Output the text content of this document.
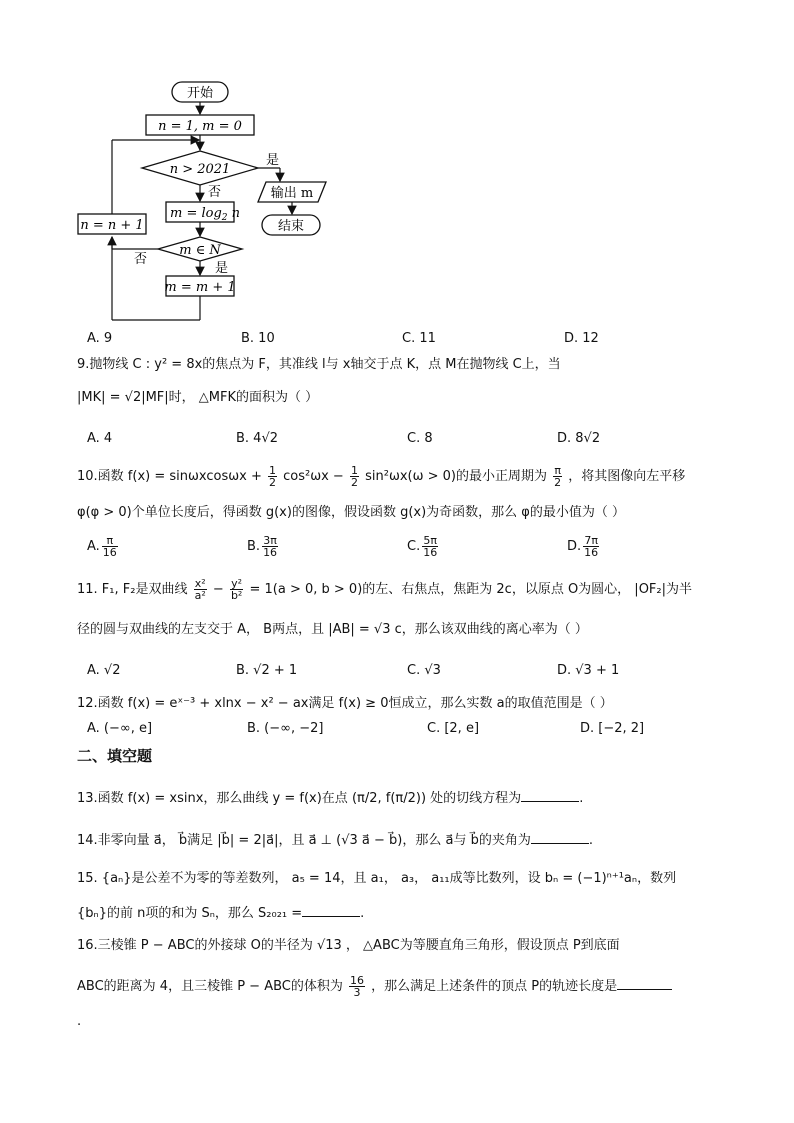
开始
n = 1, m = 0
n > 2021
是
输出 m
结束
否
$m = \log_2 n$
m ∈ N
否
是
m = m + 1
n = n + 1
A. 9	B. 10	C. 11	D. 12
9.抛物线 C : y² = 8x的焦点为 F，其准线 l与 x轴交于点 K，点 M在抛物线 C上，当
|MK| = √2|MF|时， △MFK的面积为（ ）
A. 4	B. 4√2	C. 8	D. 8√2
10.函数 $f(x) = \sin\omega xcos\omega x + \frac{1}{2} \cos^2\omega x - \frac{1}{2} \sin^2\omega x(\omega > 0)$的最小正周期为 $\frac{\pi}{2}$ ，将其图像向左平移
φ(φ > 0)个单位长度后，得函数 g(x)的图像，假设函数 g(x)为奇函数，那么 φ的最小值为（ ）
A. $\frac{\pi}{16}$	B. $\frac{3\pi}{16}$	C. $\frac{5\pi}{16}$	D. $\frac{7\pi}{16}$
11. F₁, F₂是双曲线 $\frac{\text{x²}}{\text{a²}} - \frac{\text{y²}}{\text{b²}} = 1(a > 0$, b > 0)的左、右焦点，焦距为 2c，以原点 O为圆心， |OF₂|为半
径的圆与双曲线的左支交于 A， B两点，且 |AB| = √3 c，那么该双曲线的离心率为（ ）
A. √2	B. √2 + 1	C. √3	D. √3 + 1
12.函数 f(x) = eˣ⁻³ + xlnx − x² − ax满足 f(x) ≥ 0恒成立，那么实数 a的取值范围是（ ）
A. (−∞, e]	B. (−∞, −2]	C. [2, e]	D. [−2, 2]
二、填空题
13.函数 f(x) = xsinx，那么曲线 y = f(x)在点 (π/2, f(π/2)) 处的切线方程为	.
14.非零向量 a⃗， b⃗满足 |b⃗| = 2|a⃗|，且 a⃗ ⊥ (√3 a⃗ − b⃗)，那么 a⃗与 b⃗的夹角为	.
15. {aₙ}是公差不为零的等差数列， a₅ = 14，且 a₁， a₃， a₁₁成等比数列，设 bₙ = (−1)ⁿ⁺¹aₙ，数列
{bₙ}的前 n项的和为 Sₙ，那么 S₂₀₂₁ =	.
16.三棱锥 P − ABC的外接球 O的半径为 √13 ， △ABC为等腰直角三角形，假设顶点 P到底面
ABC的距离为 4，且三棱锥 P − ABC的体积为 $\frac{16}{3}$ ，那么满足上述条件的顶点 P的轨迹长度是
.
